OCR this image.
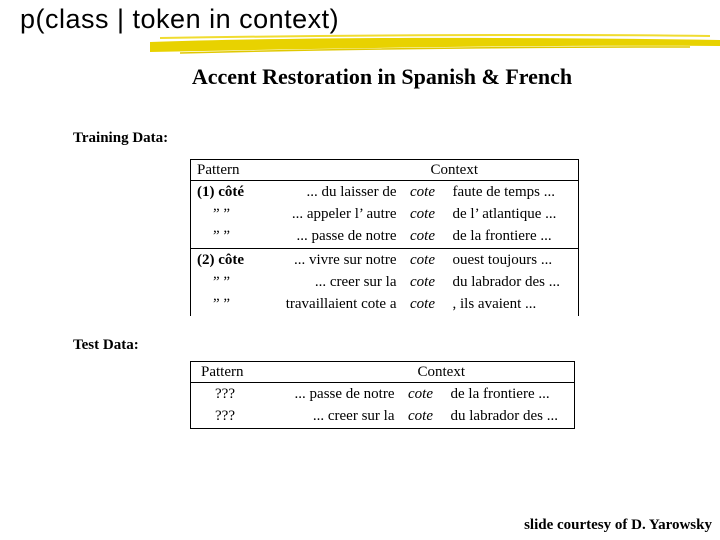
p(class | token in context)
Accent Restoration in Spanish & French
Training Data:
Pattern	Context		
(1) côté	... du laisser de	cote	faute de temps ...
” ”	... appeler l’ autre	cote	de l’ atlantique ...
” ”	... passe de notre	cote	de la frontiere ...
(2) côte	... vivre sur notre	cote	ouest toujours ...
” ”	... creer sur la	cote	du labrador des ...
” ”	travaillaient cote a	cote	, ils avaient ...
Test Data:
Pattern	Context		
???	... passe de notre	cote	de la frontiere ...
???	... creer sur la	cote	du labrador des ...
slide courtesy of D. Yarowsky
